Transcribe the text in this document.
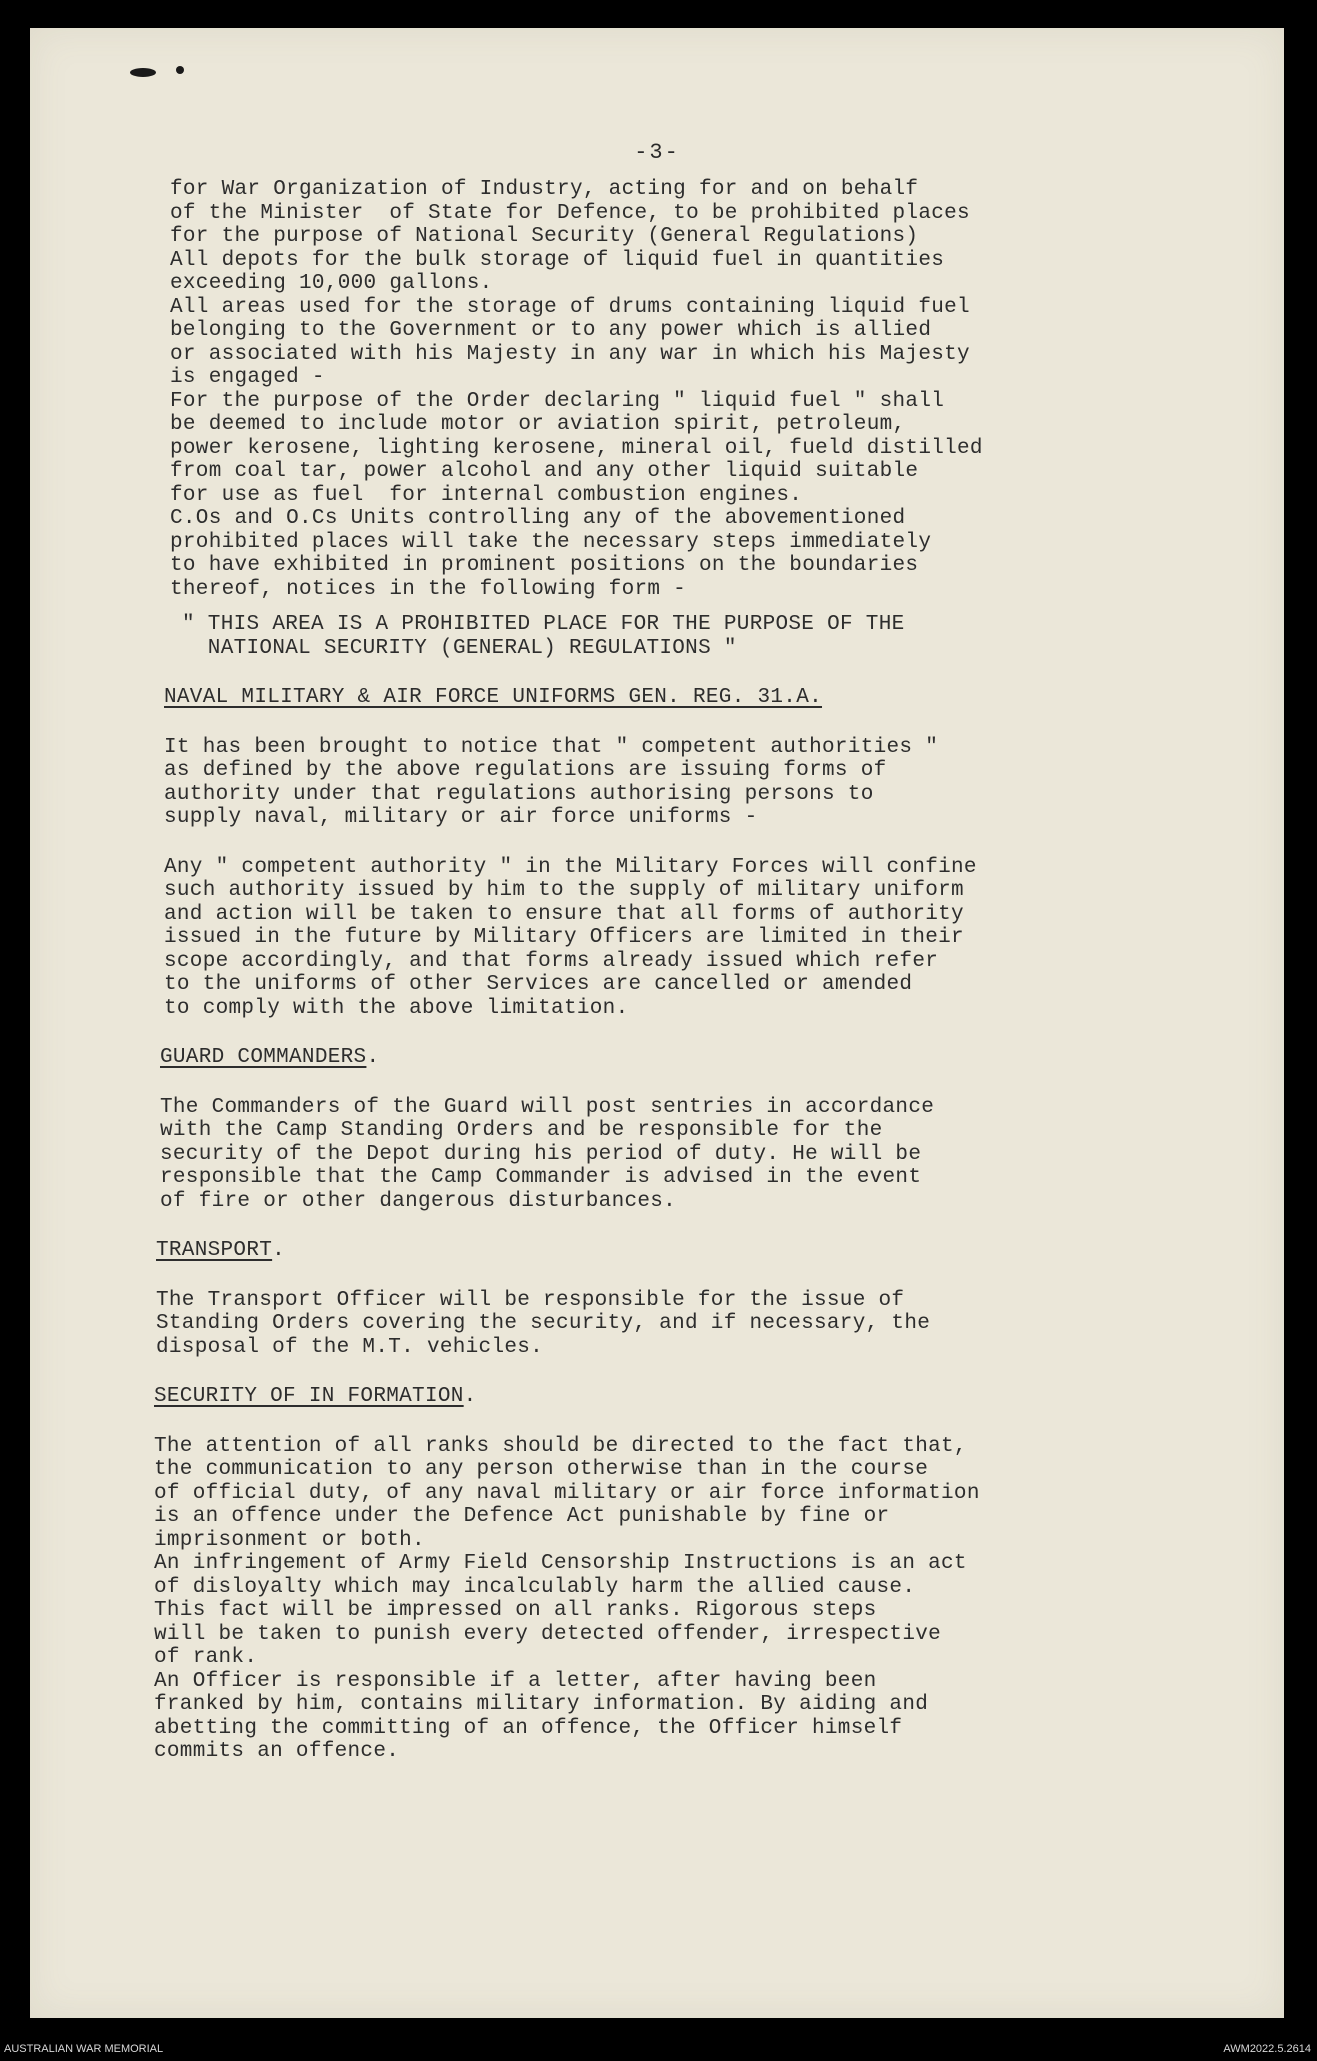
-3-
for War Organization of Industry, acting for and on behalf
of the Minister  of State for Defence, to be prohibited places
for the purpose of National Security (General Regulations)
All depots for the bulk storage of liquid fuel in quantities
exceeding 10,000 gallons.
All areas used for the storage of drums containing liquid fuel
belonging to the Government or to any power which is allied
or associated with his Majesty in any war in which his Majesty
is engaged -
For the purpose of the Order declaring " liquid fuel " shall
be deemed to include motor or aviation spirit, petroleum,
power kerosene, lighting kerosene, mineral oil, fueld distilled
from coal tar, power alcohol and any other liquid suitable
for use as fuel  for internal combustion engines.
C.Os and O.Cs Units controlling any of the abovementioned
prohibited places will take the necessary steps immediately
to have exhibited in prominent positions on the boundaries
thereof, notices in the following form -
" THIS AREA IS A PROHIBITED PLACE FOR THE PURPOSE OF THE
NATIONAL SECURITY (GENERAL) REGULATIONS "
NAVAL MILITARY & AIR FORCE UNIFORMS GEN. REG. 31.A.
It has been brought to notice that " competent authorities "
as defined by the above regulations are issuing forms of
authority under that regulations authorising persons to
supply naval, military or air force uniforms -
Any " competent authority " in the Military Forces will confine
such authority issued by him to the supply of military uniform
and action will be taken to ensure that all forms of authority
issued in the future by Military Officers are limited in their
scope accordingly, and that forms already issued which refer
to the uniforms of other Services are cancelled or amended
to comply with the above limitation.
GUARD COMMANDERS.
The Commanders of the Guard will post sentries in accordance
with the Camp Standing Orders and be responsible for the
security of the Depot during his period of duty. He will be
responsible that the Camp Commander is advised in the event
of fire or other dangerous disturbances.
TRANSPORT.
The Transport Officer will be responsible for the issue of
Standing Orders covering the security, and if necessary, the
disposal of the M.T. vehicles.
SECURITY OF IN FORMATION.
The attention of all ranks should be directed to the fact that,
the communication to any person otherwise than in the course
of official duty, of any naval military or air force information
is an offence under the Defence Act punishable by fine or
imprisonment or both.
An infringement of Army Field Censorship Instructions is an act
of disloyalty which may incalculably harm the allied cause.
This fact will be impressed on all ranks. Rigorous steps
will be taken to punish every detected offender, irrespective
of rank.
An Officer is responsible if a letter, after having been
franked by him, contains military information. By aiding and
abetting the committing of an offence, the Officer himself
commits an offence.
AUSTRALIAN WAR MEMORIAL	AWM2022.5.2614
